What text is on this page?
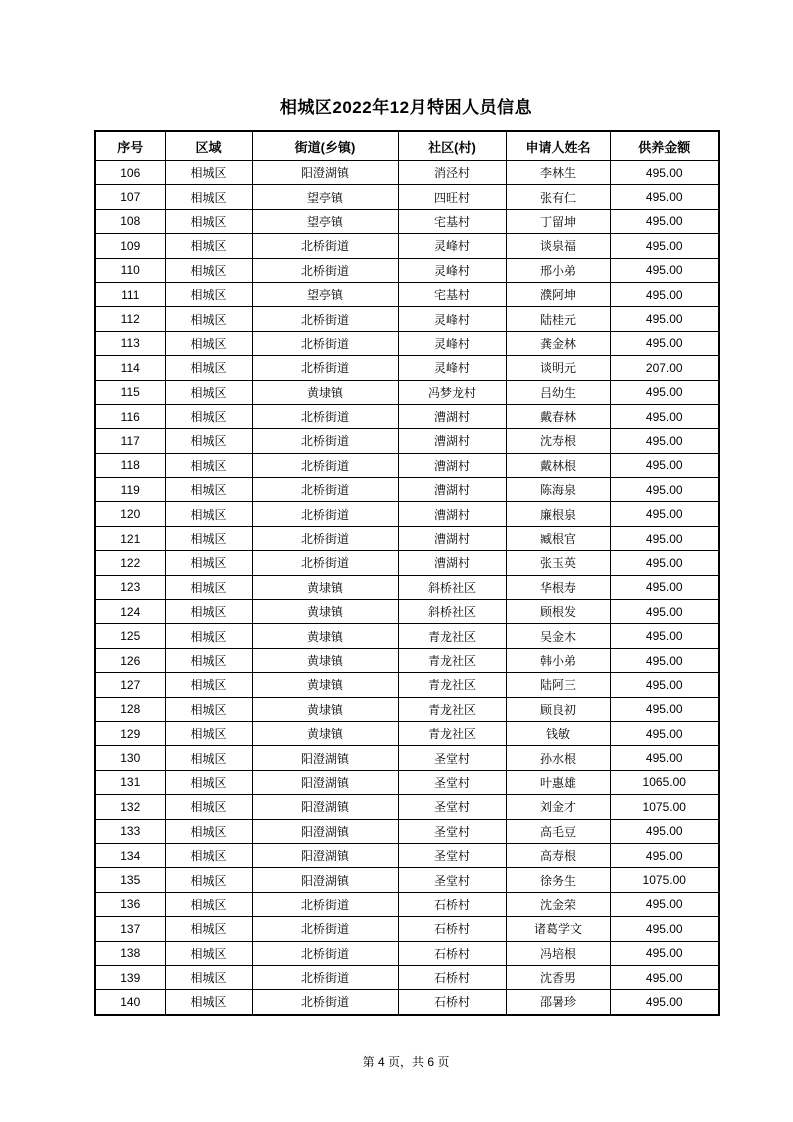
相城区2022年12月特困人员信息
序号	区域	街道(乡镇)	社区(村)	申请人姓名	供养金额
106	相城区	阳澄湖镇	消泾村	李林生	495.00
107	相城区	望亭镇	四旺村	张有仁	495.00
108	相城区	望亭镇	宅基村	丁留坤	495.00
109	相城区	北桥街道	灵峰村	谈泉福	495.00
110	相城区	北桥街道	灵峰村	邢小弟	495.00
111	相城区	望亭镇	宅基村	濮阿坤	495.00
112	相城区	北桥街道	灵峰村	陆桂元	495.00
113	相城区	北桥街道	灵峰村	龚金林	495.00
114	相城区	北桥街道	灵峰村	谈明元	207.00
115	相城区	黄埭镇	冯梦龙村	吕幼生	495.00
116	相城区	北桥街道	漕湖村	戴春林	495.00
117	相城区	北桥街道	漕湖村	沈寿根	495.00
118	相城区	北桥街道	漕湖村	戴林根	495.00
119	相城区	北桥街道	漕湖村	陈海泉	495.00
120	相城区	北桥街道	漕湖村	廉根泉	495.00
121	相城区	北桥街道	漕湖村	臧根官	495.00
122	相城区	北桥街道	漕湖村	张玉英	495.00
123	相城区	黄埭镇	斜桥社区	华根寿	495.00
124	相城区	黄埭镇	斜桥社区	顾根发	495.00
125	相城区	黄埭镇	青龙社区	吴金木	495.00
126	相城区	黄埭镇	青龙社区	韩小弟	495.00
127	相城区	黄埭镇	青龙社区	陆阿三	495.00
128	相城区	黄埭镇	青龙社区	顾良初	495.00
129	相城区	黄埭镇	青龙社区	钱敏	495.00
130	相城区	阳澄湖镇	圣堂村	孙水根	495.00
131	相城区	阳澄湖镇	圣堂村	叶惠雄	1065.00
132	相城区	阳澄湖镇	圣堂村	刘金才	1075.00
133	相城区	阳澄湖镇	圣堂村	高毛豆	495.00
134	相城区	阳澄湖镇	圣堂村	高寿根	495.00
135	相城区	阳澄湖镇	圣堂村	徐务生	1075.00
136	相城区	北桥街道	石桥村	沈金荣	495.00
137	相城区	北桥街道	石桥村	诸葛学文	495.00
138	相城区	北桥街道	石桥村	冯培根	495.00
139	相城区	北桥街道	石桥村	沈香男	495.00
140	相城区	北桥街道	石桥村	邵暑珍	495.00
第 4 页，共 6 页
